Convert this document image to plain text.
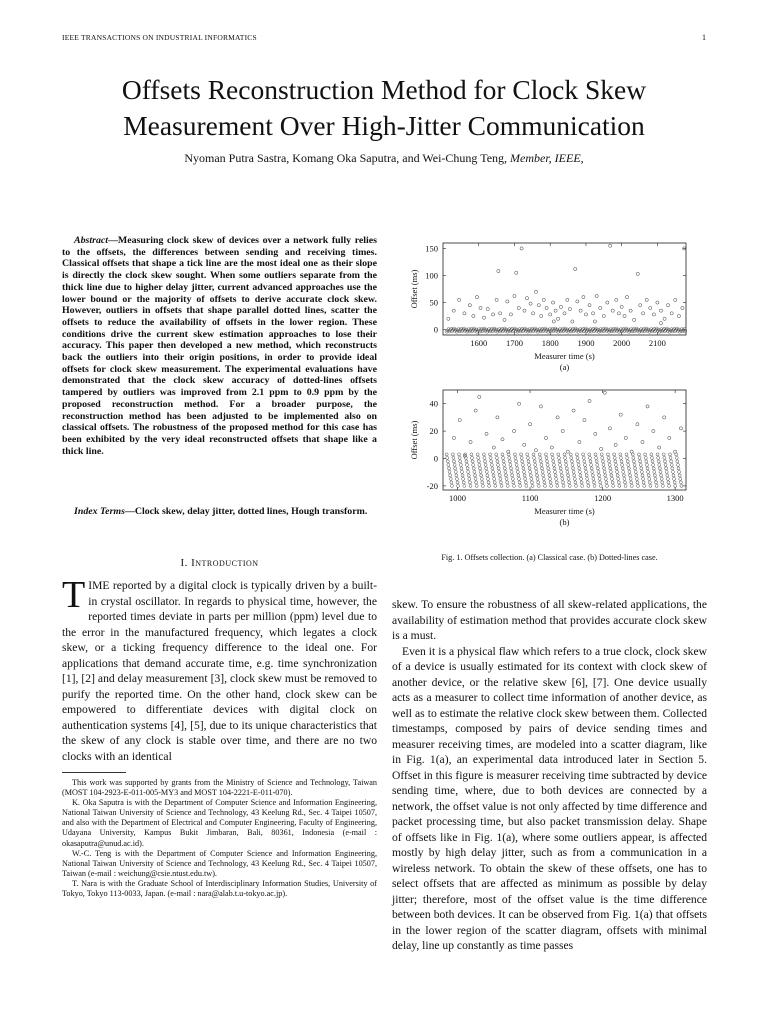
IEEE TRANSACTIONS ON INDUSTRIAL INFORMATICS	1
Offsets Reconstruction Method for Clock Skew
Measurement Over High-Jitter Communication
Nyoman Putra Sastra, Komang Oka Saputra, and Wei-Chung Teng, Member, IEEE,
Abstract—Measuring clock skew of devices over a network fully relies to the offsets, the differences between sending and receiving times. Classical offsets that shape a tick line are the most ideal one as their slope is directly the clock skew sought. When some outliers separate from the thick line due to higher delay jitter, current advanced approaches use the lower bound or the majority of offsets to derive accurate clock skew. However, outliers in offsets that shape parallel dotted lines, scatter the offsets to reduce the availability of offsets in the lower region. These conditions drive the current skew estimation approaches to lose their accuracy. This paper then developed a new method, which reconstructs back the outliers into their origin positions, in order to provide ideal offsets for clock skew measurement. The experimental evaluations have demonstrated that the clock skew accuracy of dotted-lines offsets tampered by outliers was improved from 2.1 ppm to 0.9 ppm by the proposed reconstruction method. For a broader purpose, the reconstruction method has been adjusted to be implemented also on classical offsets. The robustness of the proposed method for this case has been exhibited by the very ideal reconstructed offsets that shape like a thick line.
Index Terms—Clock skew, delay jitter, dotted lines, Hough transform.
I. Introduction
TIME reported by a digital clock is typically driven by a built-in crystal oscillator. In regards to physical time, however, the reported times deviate in parts per million (ppm) level due to the error in the manufactured frequency, which legates a clock skew, or a ticking frequency difference to the ideal one. For applications that demand accurate time, e.g. time synchronization [1], [2] and delay measurement [3], clock skew must be removed to purify the reported time. On the other hand, clock skew can be empowered to differentiate devices with digital clock on authentication systems [4], [5], due to its unique characteristics that the skew of any clock is stable over time, and there are no two clocks with an identical

This work was supported by grants from the Ministry of Science and Technology, Taiwan (MOST 104-2923-E-011-005-MY3 and MOST 104-2221-E-011-070).

K. Oka Saputra is with the Department of Computer Science and Information Engineering, National Taiwan University of Science and Technology, 43 Keelung Rd., Sec. 4 Taipei 10507, and also with the Department of Electrical and Computer Engineering, Faculty of Engineering, Udayana University, Kampus Bukit Jimbaran, Bali, 80361, Indonesia (e-mail : okasaputra@unud.ac.id).

W.-C. Teng is with the Department of Computer Science and Information Engineering, National Taiwan University of Science and Technology, 43 Keelung Rd., Sec. 4 Taipei 10507, Taiwan (e-mail : weichung@csie.ntust.edu.tw).

T. Nara is with the Graduate School of Interdisciplinary Information Studies, University of Tokyo, Tokyo 113-0033, Japan. (e-mail : nara@alab.t.u-tokyo.ac.jp).

1600 1700 1800 1900 2000 2100
0
50
100
150
Measurer time (s)
(a)
Offset (ms)
1000	1100	1200	1300
-20
0
20
40
Measurer time (s)
(b)
Offset (ms)
Fig. 1. Offsets collection. (a) Classical case. (b) Dotted-lines case.

skew. To ensure the robustness of all skew-related applications, the availability of estimation method that provides accurate clock skew is a must.

Even it is a physical flaw which refers to a true clock, clock skew of a device is usually estimated for its context with clock skew of another device, or the relative skew [6], [7]. One device usually acts as a measurer to collect time information of another device, as well as to estimate the relative clock skew between them. Collected timestamps, composed by pairs of device sending times and measurer receiving times, are modeled into a scatter diagram, like in Fig. 1(a), an experimental data introduced later in Section 5. Offset in this figure is measurer receiving time subtracted by device sending time, where, due to both devices are connected by a network, the offset value is not only affected by time difference and packet processing time, but also packet transmission delay. Shape of offsets like in Fig. 1(a), where some outliers appear, is affected mostly by high delay jitter, such as from a communication in a wireless network. To obtain the skew of these offsets, one has to select offsets that are affected as minimum as possible by delay jitter; therefore, most of the offset value is the time difference between both devices. It can be observed from Fig. 1(a) that offsets in the lower region of the scatter diagram, offsets with minimal delay, line up constantly as time passes
